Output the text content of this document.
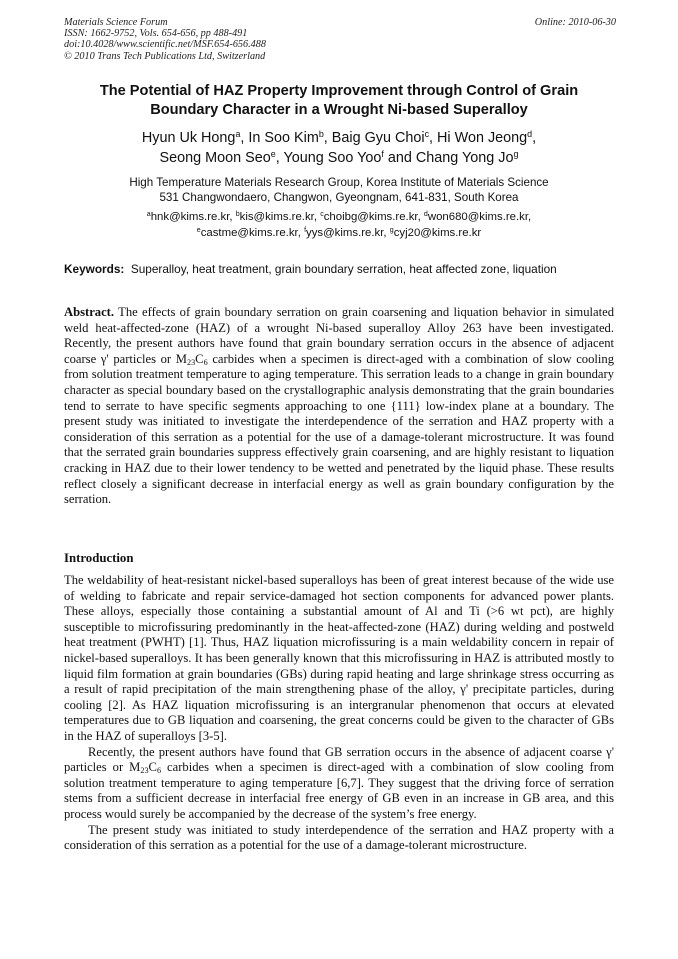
Materials Science Forum
ISSN: 1662-9752, Vols. 654-656, pp 488-491
doi:10.4028/www.scientific.net/MSF.654-656.488
© 2010 Trans Tech Publications Ltd, Switzerland
Online: 2010-06-30
The Potential of HAZ Property Improvement through Control of Grain
Boundary Character in a Wrought Ni-based Superalloy
Hyun Uk Hong$^a$, In Soo Kim$^b$, Baig Gyu Choi$^c$, Hi Won Jeong$^d$,
Seong Moon Seo$^e$, Young Soo Yoo$^f$ and Chang Yong Jo$^g$
High Temperature Materials Research Group, Korea Institute of Materials Science
531 Changwondaero, Changwon, Gyeongnam, 641-831, South Korea
$^a$hnk@kims.re.kr, $^b$kis@kims.re.kr, $^c$choibg@kims.re.kr, $^d$won680@kims.re.kr,
$^e$castme@kims.re.kr, $^f$yys@kims.re.kr, $^g$cyj20@kims.re.kr
Keywords: Superalloy, heat treatment, grain boundary serration, heat affected zone, liquation
Abstract. The effects of grain boundary serration on grain coarsening and liquation behavior in simulated weld heat-affected-zone (HAZ) of a wrought Ni-based superalloy Alloy 263 have been investigated. Recently, the present authors have found that grain boundary serration occurs in the absence of adjacent coarse γ' particles or $M_{23}C_6$ carbides when a specimen is direct-aged with a combination of slow cooling from solution treatment temperature to aging temperature. This serration leads to a change in grain boundary character as special boundary based on the crystallographic analysis demonstrating that the grain boundaries tend to serrate to have specific segments approaching to one {111} low-index plane at a boundary. The present study was initiated to investigate the interdependence of the serration and HAZ property with a consideration of this serration as a potential for the use of a damage-tolerant microstructure. It was found that the serrated grain boundaries suppress effectively grain coarsening, and are highly resistant to liquation cracking in HAZ due to their lower tendency to be wetted and penetrated by the liquid phase. These results reflect closely a significant decrease in interfacial energy as well as grain boundary configuration by the serration.
Introduction

The weldability of heat-resistant nickel-based superalloys has been of great interest because of the wide use of welding to fabricate and repair service-damaged hot section components for advanced power plants. These alloys, especially those containing a substantial amount of Al and Ti (>6 wt pct), are highly susceptible to microfissuring predominantly in the heat-affected-zone (HAZ) during welding and postweld heat treatment (PWHT) [1]. Thus, HAZ liquation microfissuring is a main weldability concern in repair of nickel-based superalloys. It has been generally known that this microfissuring in HAZ is attributed mostly to liquid film formation at grain boundaries (GBs) during rapid heating and large shrinkage stress occurring as a result of rapid precipitation of the main strengthening phase of the alloy, γ' precipitate particles, during cooling [2]. As HAZ liquation microfissuring is an intergranular phenomenon that occurs at elevated temperatures due to GB liquation and coarsening, the great concerns could be given to the character of GBs in the HAZ of superalloys [3-5].

Recently, the present authors have found that GB serration occurs in the absence of adjacent coarse γ' particles or $M_{23}C_6$ carbides when a specimen is direct-aged with a combination of slow cooling from solution treatment temperature to aging temperature [6,7]. They suggest that the driving force of serration stems from a sufficient decrease in interfacial free energy of GB even in an increase in GB area, and this process would surely be accompanied by the decrease of the system’s free energy.

The present study was initiated to study interdependence of the serration and HAZ property with a consideration of this serration as a potential for the use of a damage-tolerant microstructure.
